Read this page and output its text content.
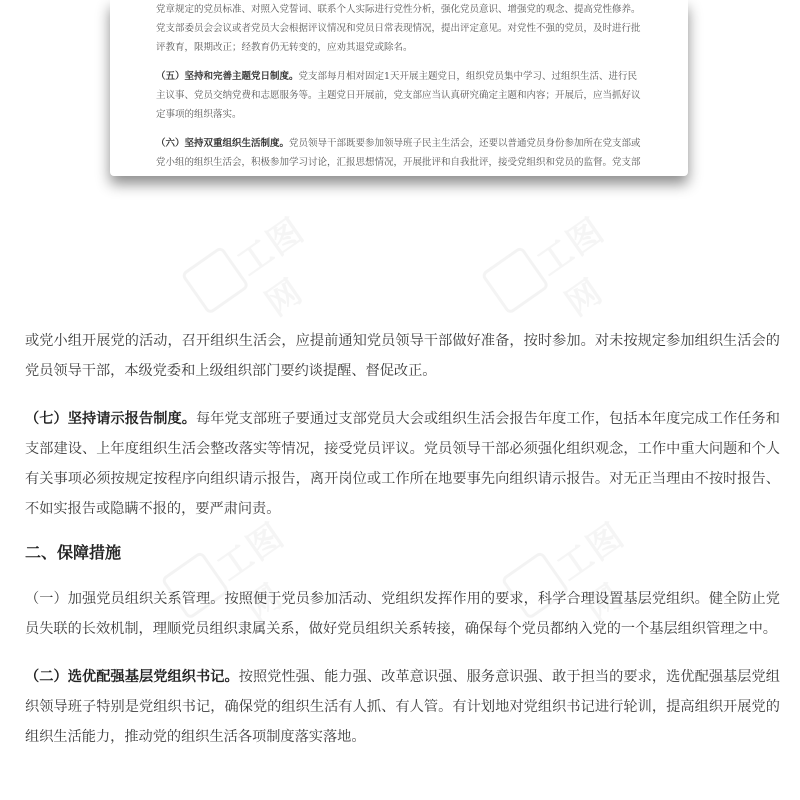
党章规定的党员标准、对照入党誓词、联系个人实际进行党性分析，强化党员意识、增强党的观念、提高党性修养。党支部委员会会议或者党员大会根据评议情况和党员日常表现情况，提出评定意见。对党性不强的党员，及时进行批评教育，限期改正；经教育仍无转变的，应劝其退党或除名。

（五）坚持和完善主题党日制度。党支部每月相对固定1天开展主题党日，组织党员集中学习、过组织生活、进行民主议事、党员交纳党费和志愿服务等。主题党日开展前，党支部应当认真研究确定主题和内容；开展后，应当抓好议定事项的组织落实。

（六）坚持双重组织生活制度。党员领导干部既要参加领导班子民主生活会，还要以普通党员身份参加所在党支部或党小组的组织生活会，积极参加学习讨论，汇报思想情况，开展批评和自我批评，接受党组织和党员的监督。党支部

工图网
工图网
工图网
工图网

或党小组开展党的活动，召开组织生活会，应提前通知党员领导干部做好准备，按时参加。对未按规定参加组织生活会的党员领导干部，本级党委和上级组织部门要约谈提醒、督促改正。

（七）坚持请示报告制度。每年党支部班子要通过支部党员大会或组织生活会报告年度工作，包括本年度完成工作任务和支部建设、上年度组织生活会整改落实等情况，接受党员评议。党员领导干部必须强化组织观念，工作中重大问题和个人有关事项必须按规定按程序向组织请示报告，离开岗位或工作所在地要事先向组织请示报告。对无正当理由不按时报告、不如实报告或隐瞒不报的，要严肃问责。

二、保障措施

（一）加强党员组织关系管理。按照便于党员参加活动、党组织发挥作用的要求，科学合理设置基层党组织。健全防止党员失联的长效机制，理顺党员组织隶属关系，做好党员组织关系转接，确保每个党员都纳入党的一个基层组织管理之中。

（二）选优配强基层党组织书记。按照党性强、能力强、改革意识强、服务意识强、敢于担当的要求，选优配强基层党组织领导班子特别是党组织书记，确保党的组织生活有人抓、有人管。有计划地对党组织书记进行轮训，提高组织开展党的组织生活能力，推动党的组织生活各项制度落实落地。
